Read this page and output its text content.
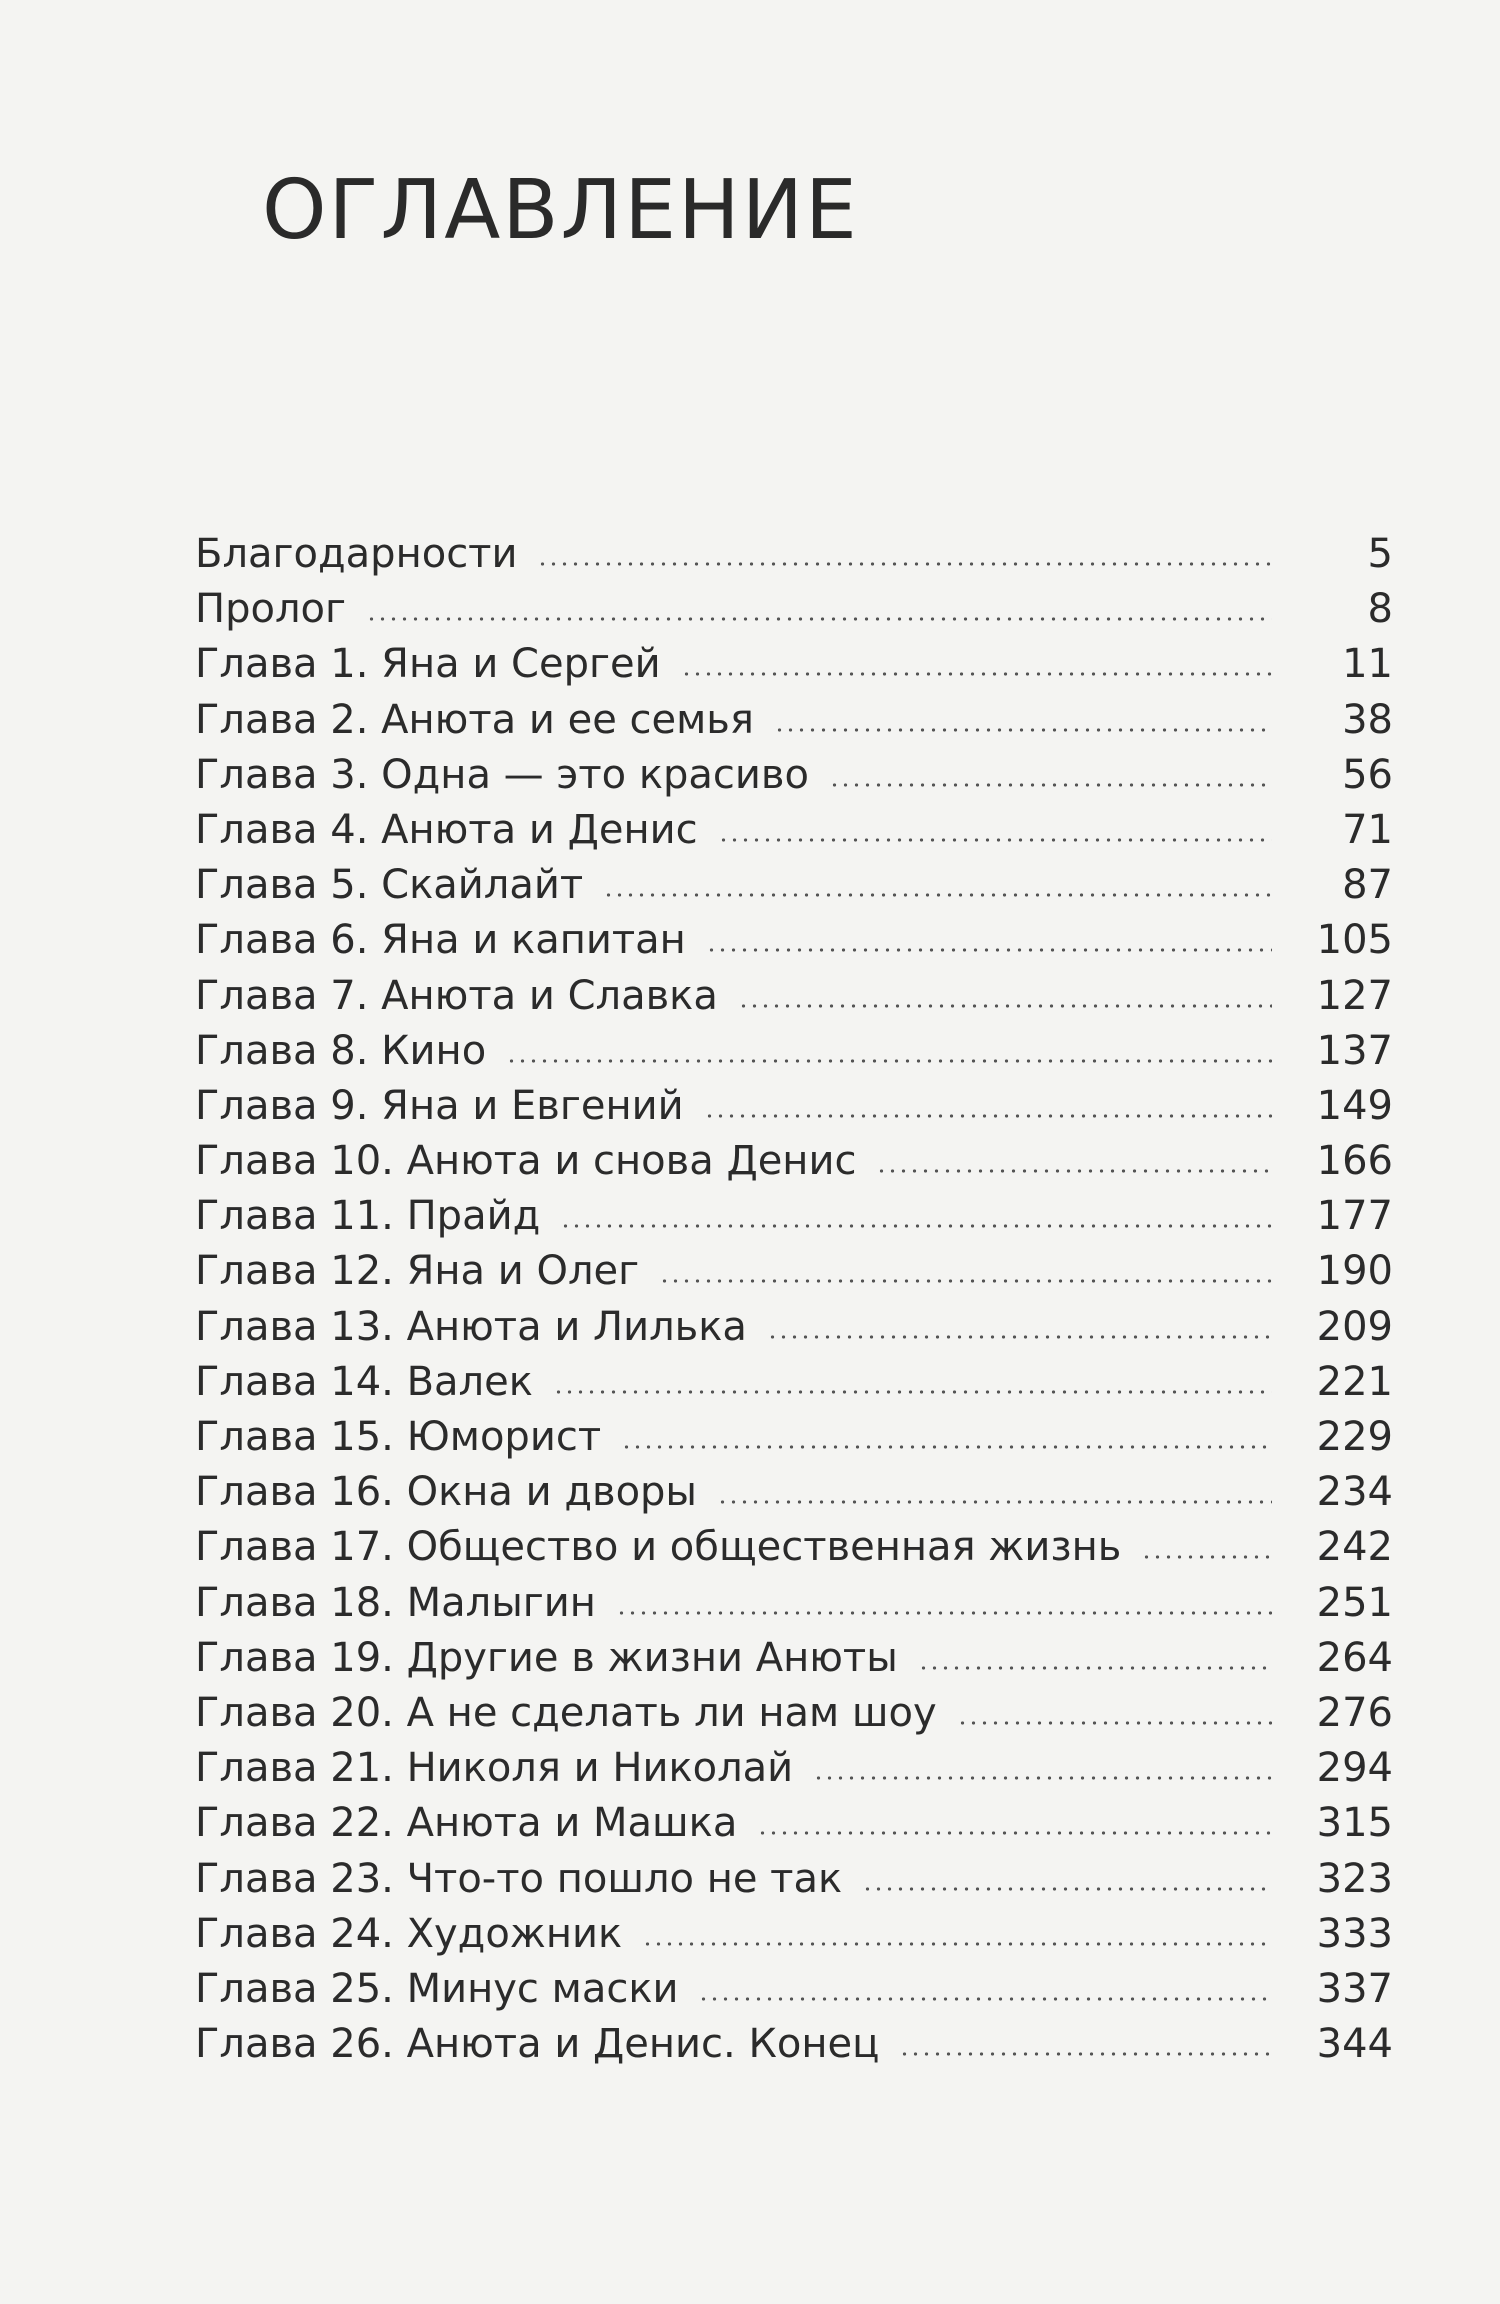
ОГЛАВЛЕНИЕ
Благодарности	5
Пролог	8
Глава 1. Яна и Сергей	11
Глава 2. Анюта и ее семья	38
Глава 3. Одна — это красиво	56
Глава 4. Анюта и Денис	71
Глава 5. Скайлайт	87
Глава 6. Яна и капитан	105
Глава 7. Анюта и Славка	127
Глава 8. Кино	137
Глава 9. Яна и Евгений	149
Глава 10. Анюта и снова Денис	166
Глава 11. Прайд	177
Глава 12. Яна и Олег	190
Глава 13. Анюта и Лилька	209
Глава 14. Валек	221
Глава 15. Юморист	229
Глава 16. Окна и дворы	234
Глава 17. Общество и общественная жизнь	242
Глава 18. Малыгин	251
Глава 19. Другие в жизни Анюты	264
Глава 20. А не сделать ли нам шоу	276
Глава 21. Николя и Николай	294
Глава 22. Анюта и Машка	315
Глава 23. Что-то пошло не так	323
Глава 24. Художник	333
Глава 25. Минус маски	337
Глава 26. Анюта и Денис. Конец	344
